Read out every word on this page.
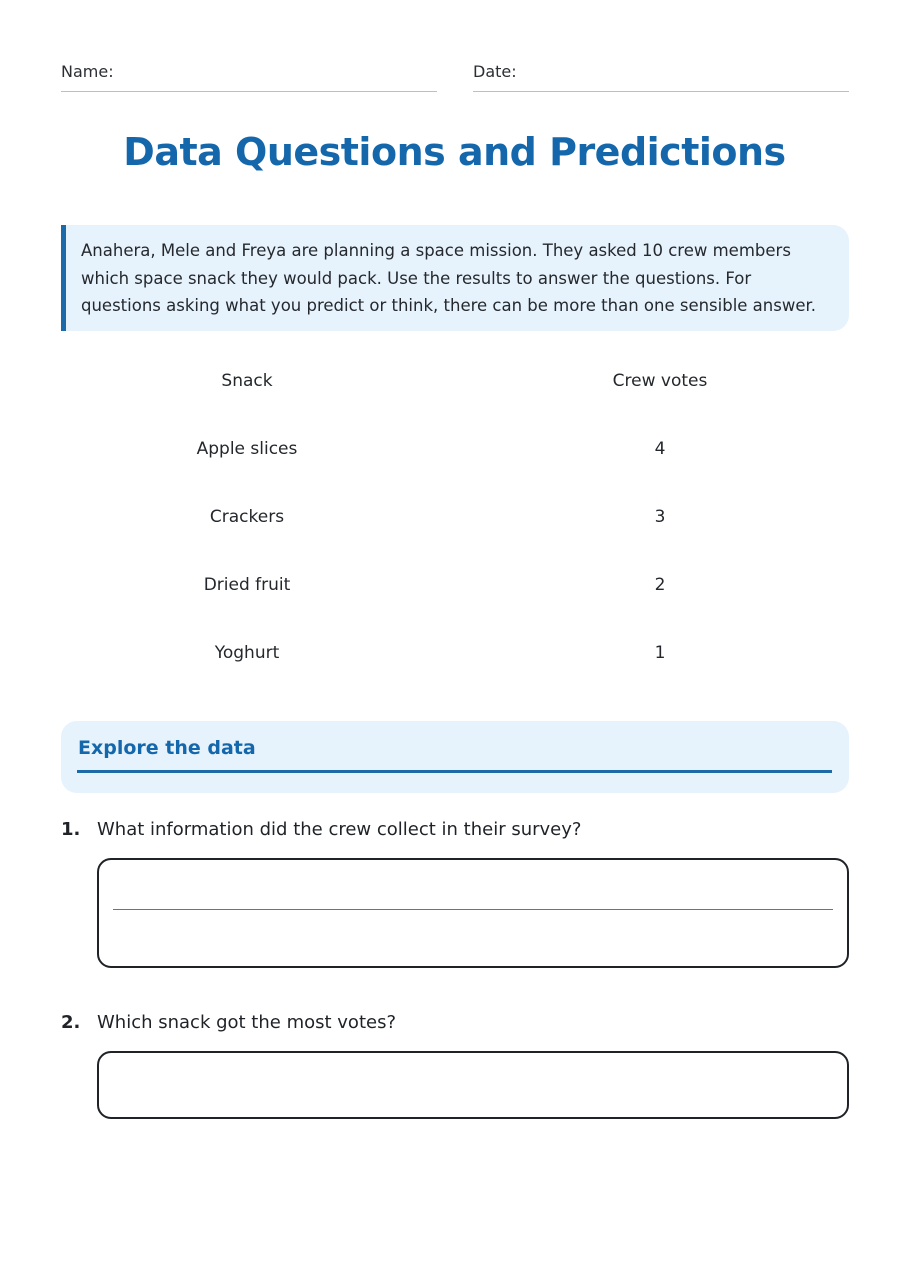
Name:	Date:
Data Questions and Predictions
Anahera, Mele and Freya are planning a space mission. They asked 10 crew members which space snack they would pack. Use the results to answer the questions. For questions asking what you predict or think, there can be more than one sensible answer.
Snack	Crew votes
Apple slices	4
Crackers	3
Dried fruit	2
Yoghurt	1
Explore the data
1. What information did the crew collect in their survey?
2. Which snack got the most votes?
